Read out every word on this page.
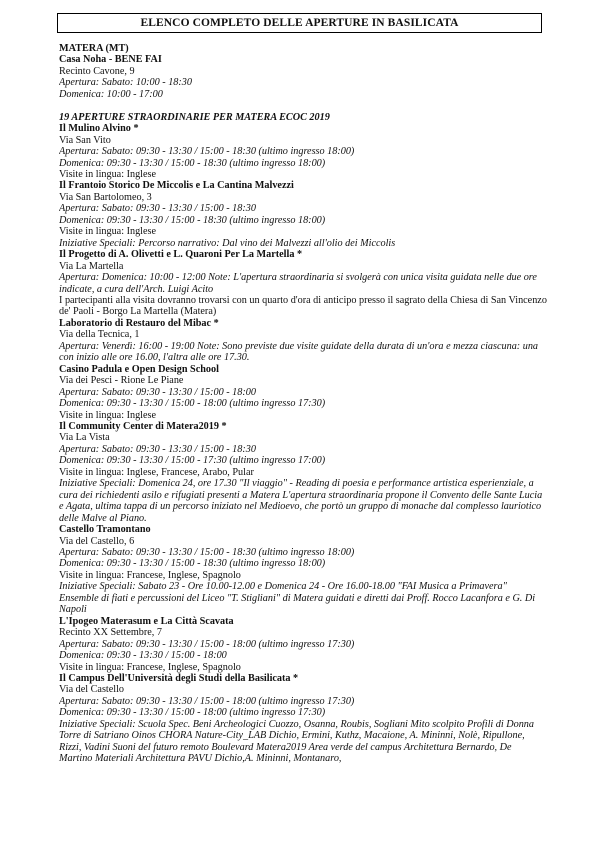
ELENCO COMPLETO DELLE APERTURE IN BASILICATA
MATERA (MT)
Casa Noha - BENE FAI
Recinto Cavone, 9
Apertura: Sabato: 10:00 - 18:30
Domenica: 10:00 - 17:00
19 APERTURE STRAORDINARIE PER MATERA ECOC 2019
Il Mulino Alvino *
Via San Vito
Apertura: Sabato: 09:30 - 13:30 / 15:00 - 18:30 (ultimo ingresso 18:00)
Domenica: 09:30 - 13:30 / 15:00 - 18:30 (ultimo ingresso 18:00)
Visite in lingua: Inglese
Il Frantoio Storico De Miccolis e La Cantina Malvezzi
Via San Bartolomeo, 3
Apertura: Sabato: 09:30 - 13:30 / 15:00 - 18:30
Domenica: 09:30 - 13:30 / 15:00 - 18:30 (ultimo ingresso 18:00)
Visite in lingua: Inglese
Iniziative Speciali: Percorso narrativo: Dal vino dei Malvezzi all'olio dei Miccolis
Il Progetto di A. Olivetti e L. Quaroni Per La Martella *
Via La Martella
Apertura: Domenica: 10:00 - 12:00 Note: L'apertura straordinaria si svolgerà con unica visita guidata nelle due ore indicate, a cura dell'Arch. Luigi Acito
I partecipanti alla visita dovranno trovarsi con un quarto d'ora di anticipo presso il sagrato della Chiesa di San Vincenzo de' Paoli - Borgo La Martella (Matera)
Laboratorio di Restauro del Mibac *
Via della Tecnica, 1
Apertura: Venerdì: 16:00 - 19:00 Note: Sono previste due visite guidate della durata di un'ora e mezza ciascuna: una con inizio alle ore 16.00, l'altra alle ore 17.30.
Casino Padula e Open Design School
Via dei Pesci - Rione Le Piane
Apertura: Sabato: 09:30 - 13:30 / 15:00 - 18:00
Domenica: 09:30 - 13:30 / 15:00 - 18:00 (ultimo ingresso 17:30)
Visite in lingua: Inglese
Il Community Center di Matera2019 *
Via La Vista
Apertura: Sabato: 09:30 - 13:30 / 15:00 - 18:30
Domenica: 09:30 - 13:30 / 15:00 - 17:30 (ultimo ingresso 17:00)
Visite in lingua: Inglese, Francese, Arabo, Pular
Iniziative Speciali: Domenica 24, ore 17.30 "Il viaggio" - Reading di poesia e performance artistica esperienziale, a cura dei richiedenti asilo e rifugiati presenti a Matera L'apertura straordinaria propone il Convento delle Sante Lucia e Agata, ultima tappa di un percorso iniziato nel Medioevo, che portò un gruppo di monache dal complesso lauriotico delle Malve al Piano.
Castello Tramontano
Via del Castello, 6
Apertura: Sabato: 09:30 - 13:30 / 15:00 - 18:30 (ultimo ingresso 18:00)
Domenica: 09:30 - 13:30 / 15:00 - 18:30 (ultimo ingresso 18:00)
Visite in lingua: Francese, Inglese, Spagnolo
Iniziative Speciali: Sabato 23 - Ore 10.00-12.00 e Domenica 24 - Ore 16.00-18.00 "FAI Musica a Primavera" Ensemble di fiati e percussioni del Liceo "T. Stigliani" di Matera guidati e diretti dai Proff. Rocco Lacanfora e G. Di Napoli
L'Ipogeo Materasum e La Città Scavata
Recinto XX Settembre, 7
Apertura: Sabato: 09:30 - 13:30 / 15:00 - 18:00 (ultimo ingresso 17:30)
Domenica: 09:30 - 13:30 / 15:00 - 18:00
Visite in lingua: Francese, Inglese, Spagnolo
Il Campus Dell'Università degli Studi della Basilicata *
Via del Castello
Apertura: Sabato: 09:30 - 13:30 / 15:00 - 18:00 (ultimo ingresso 17:30)
Domenica: 09:30 - 13:30 / 15:00 - 18:00 (ultimo ingresso 17:30)
Iniziative Speciali: Scuola Spec. Beni Archeologici Cuozzo, Osanna, Roubis, Sogliani Mito scolpito Profili di Donna Torre di Satriano Oinos CHORA Nature-City_LAB Dichio, Ermini, Kuthz, Macaione, A. Mininni, Nolè, Ripullone, Rizzi, Vadini Suoni del futuro remoto Boulevard Matera2019 Area verde del campus Architettura Bernardo, De Martino Materiali Architettura PAVU Dichio,A. Mininni, Montanaro,
